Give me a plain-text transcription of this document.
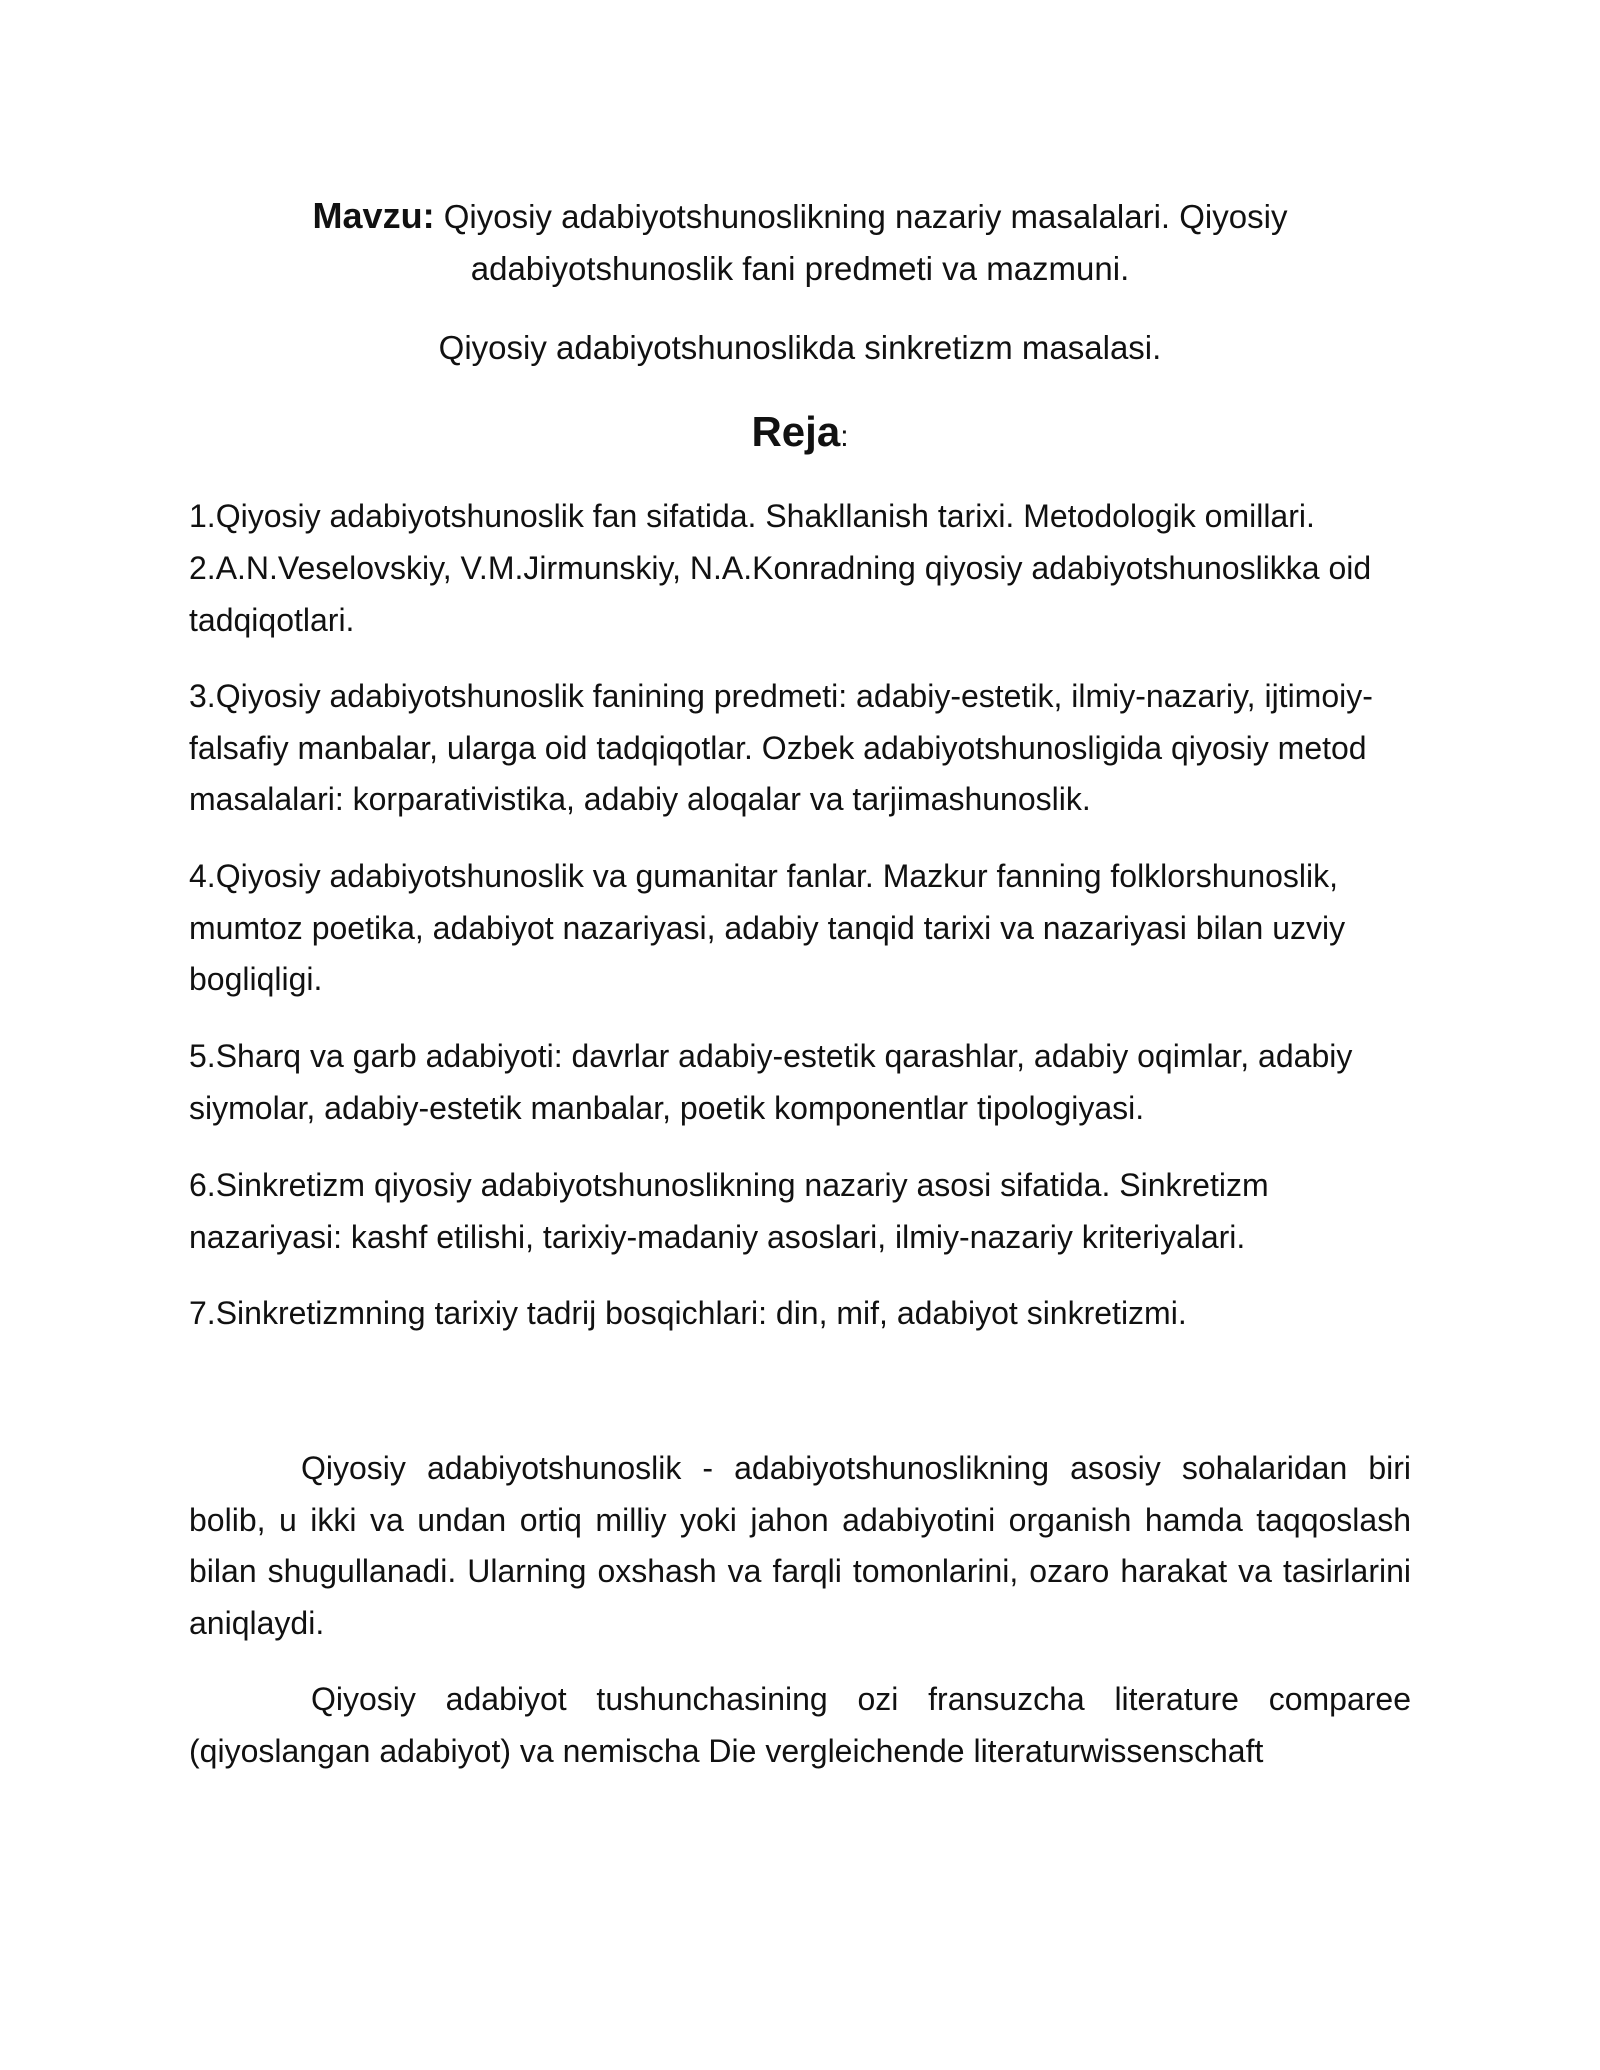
Mavzu: Qiyosiy adabiyotshunoslikning nazariy masalalari. Qiyosiy adabiyotshunoslik fani predmeti va mazmuni.
Qiyosiy adabiyotshunoslikda sinkretizm masalasi.
Reja:
1.Qiyosiy adabiyotshunoslik fan sifatida. Shakllanish tarixi. Metodologik omillari.
2.A.N.Veselovskiy, V.M.Jirmunskiy, N.A.Konradning qiyosiy adabiyotshunoslikka oid tadqiqotlari.
3.Qiyosiy adabiyotshunoslik fanining predmeti: adabiy-estetik, ilmiy-nazariy, ijtimoiy-falsafiy manbalar, ularga oid tadqiqotlar. Ozbek adabiyotshunosligida qiyosiy metod masalalari: korparativistika, adabiy aloqalar va tarjimashunoslik.
4.Qiyosiy adabiyotshunoslik va gumanitar fanlar. Mazkur fanning folklorshunoslik, mumtoz poetika, adabiyot nazariyasi, adabiy tanqid tarixi va nazariyasi bilan uzviy bogliqligi.
5.Sharq va garb adabiyoti: davrlar adabiy-estetik qarashlar, adabiy oqimlar, adabiy siymolar, adabiy-estetik manbalar, poetik komponentlar tipologiyasi.
6.Sinkretizm qiyosiy adabiyotshunoslikning nazariy asosi sifatida. Sinkretizm nazariyasi: kashf etilishi, tarixiy-madaniy asoslari, ilmiy-nazariy kriteriyalari.
7.Sinkretizmning tarixiy tadrij bosqichlari: din, mif, adabiyot sinkretizmi.
Qiyosiy adabiyotshunoslik - adabiyotshunoslikning asosiy sohalaridan biri bolib, u ikki va undan ortiq milliy yoki jahon adabiyotini organish hamda taqqoslash bilan shugullanadi. Ularning oxshash va farqli tomonlarini, ozaro harakat va tasirlarini aniqlaydi.
Qiyosiy adabiyot tushunchasining ozi fransuzcha literature comparee (qiyoslangan adabiyot) va nemischa Die vergleichende literaturwissenschaft
